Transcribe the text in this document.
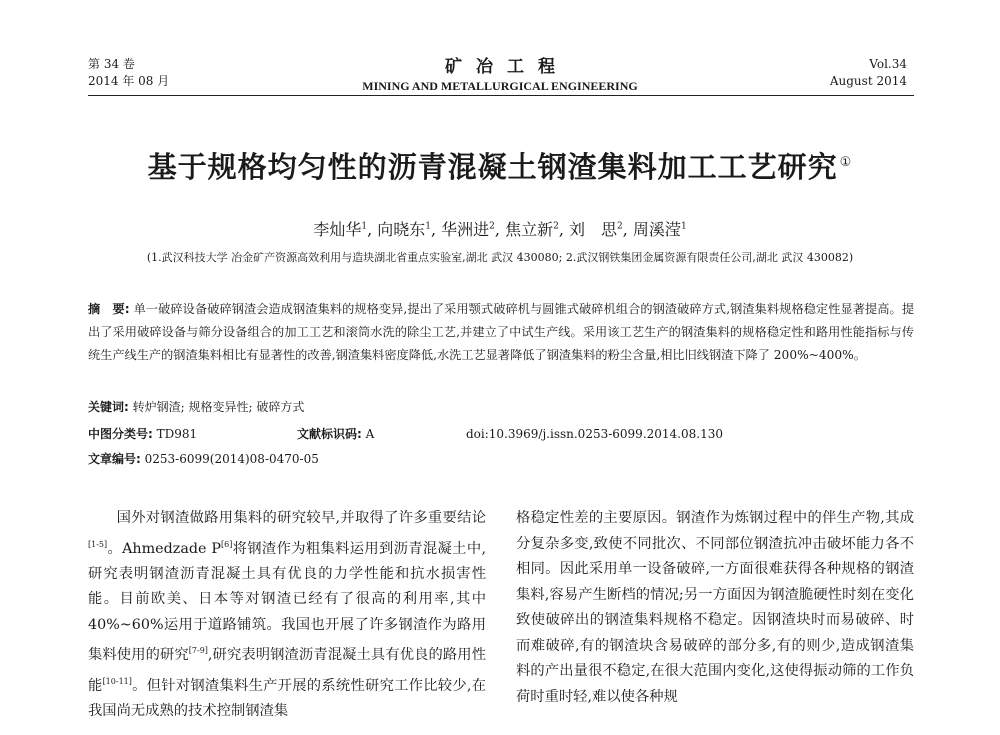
第 34 卷
2014 年 08 月
矿冶工程
MINING AND METALLURGICAL ENGINEERING
Vol.34
August 2014
基于规格均匀性的沥青混凝土钢渣集料加工工艺研究 ①
李灿华$^1$, 向晓东$^1$, 华洲进$^2$, 焦立新$^2$, 刘　思$^2$, 周溪滢$^1$
(1.武汉科技大学 冶金矿产资源高效利用与造块湖北省重点实验室,湖北 武汉 430080; 2.武汉钢铁集团金属资源有限责任公司,湖北 武汉 430082)
摘　要: 单一破碎设备破碎钢渣会造成钢渣集料的规格变异,提出了采用颚式破碎机与圆锥式破碎机组合的钢渣破碎方式,钢渣集料规格稳定性显著提高。提出了采用破碎设备与筛分设备组合的加工工艺和滚筒水洗的除尘工艺,并建立了中试生产线。采用该工艺生产的钢渣集料的规格稳定性和路用性能指标与传统生产线生产的钢渣集料相比有显著性的改善,钢渣集料密度降低,水洗工艺显著降低了钢渣集料的粉尘含量,相比旧线钢渣下降了 200%~400%。
关键词: 转炉钢渣; 规格变异性; 破碎方式
中图分类号: TD981	文献标识码: A	doi:10.3969/j.issn.0253-6099.2014.08.130
文章编号: 0253-6099(2014)08-0470-05
国外对钢渣做路用集料的研究较早,并取得了许多重要结论[1-5]。Ahmedzade P[6]将钢渣作为粗集料运用到沥青混凝土中,研究表明钢渣沥青混凝土具有优良的力学性能和抗水损害性能。目前欧美、日本等对钢渣已经有了很高的利用率,其中 40%~60%运用于道路铺筑。我国也开展了许多钢渣作为路用集料使用的研究[7-9],研究表明钢渣沥青混凝土具有优良的路用性能[10-11]。但针对钢渣集料生产开展的系统性研究工作比较少,在我国尚无成熟的技术控制钢渣集
格稳定性差的主要原因。钢渣作为炼钢过程中的伴生产物,其成分复杂多变,致使不同批次、不同部位钢渣抗冲击破坏能力各不相同。因此采用单一设备破碎,一方面很难获得各种规格的钢渣集料,容易产生断档的情况;另一方面因为钢渣脆硬性时刻在变化致使破碎出的钢渣集料规格不稳定。因钢渣块时而易破碎、时而难破碎,有的钢渣块含易破碎的部分多,有的则少,造成钢渣集料的产出量很不稳定,在很大范围内变化,这使得振动筛的工作负荷时重时轻,难以使各种规
